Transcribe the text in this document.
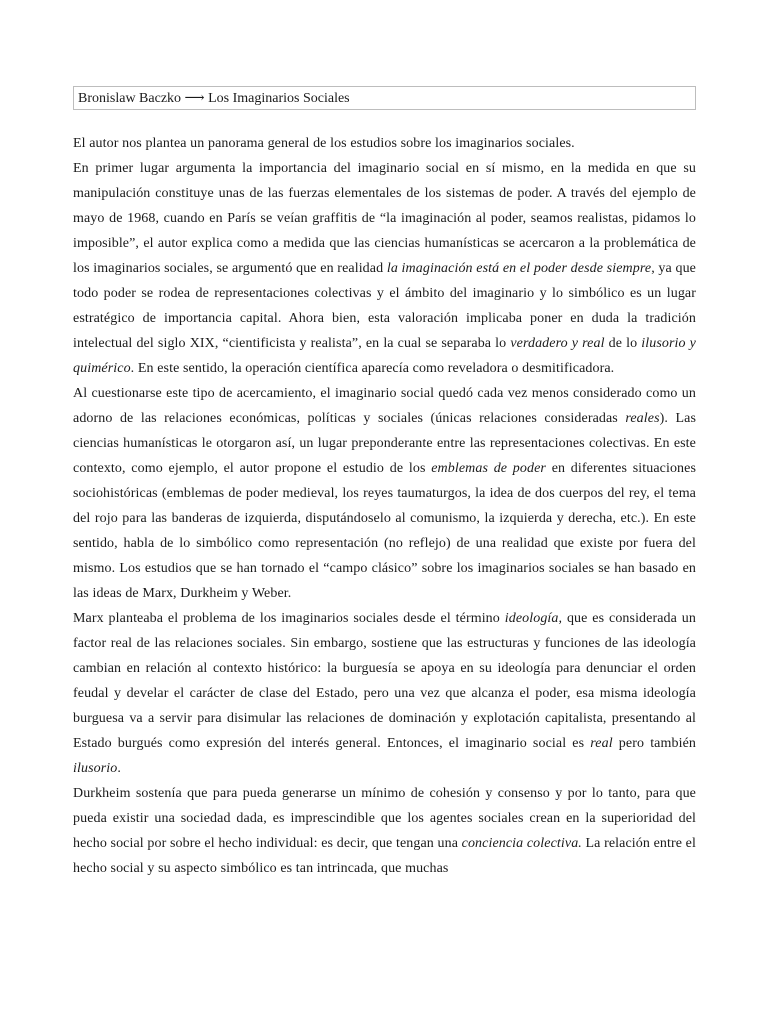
Bronislaw Baczko ⟶ Los Imaginarios Sociales

El autor nos plantea un panorama general de los estudios sobre los imaginarios sociales.

En primer lugar argumenta la importancia del imaginario social en sí mismo, en la medida en que su manipulación constituye unas de las fuerzas elementales de los sistemas de poder. A través del ejemplo de mayo de 1968, cuando en París se veían graffitis de “la imaginación al poder, seamos realistas, pidamos lo imposible”, el autor explica como a medida que las ciencias humanísticas se acercaron a la problemática de los imaginarios sociales, se argumentó que en realidad la imaginación está en el poder desde siempre, ya que todo poder se rodea de representaciones colectivas y el ámbito del imaginario y lo simbólico es un lugar estratégico de importancia capital. Ahora bien, esta valoración implicaba poner en duda la tradición intelectual del siglo XIX, “cientificista y realista”, en la cual se separaba lo verdadero y real de lo ilusorio y quimérico. En este sentido, la operación científica aparecía como reveladora o desmitificadora.

Al cuestionarse este tipo de acercamiento, el imaginario social quedó cada vez menos considerado como un adorno de las relaciones económicas, políticas y sociales (únicas relaciones consideradas reales). Las ciencias humanísticas le otorgaron así, un lugar preponderante entre las representaciones colectivas. En este contexto, como ejemplo, el autor propone el estudio de los emblemas de poder en diferentes situaciones sociohistóricas (emblemas de poder medieval, los reyes taumaturgos, la idea de dos cuerpos del rey, el tema del rojo para las banderas de izquierda, disputándoselo al comunismo, la izquierda y derecha, etc.). En este sentido, habla de lo simbólico como representación (no reflejo) de una realidad que existe por fuera del mismo. Los estudios que se han tornado el “campo clásico” sobre los imaginarios sociales se han basado en las ideas de Marx, Durkheim y Weber.

Marx planteaba el problema de los imaginarios sociales desde el término ideología, que es considerada un factor real de las relaciones sociales. Sin embargo, sostiene que las estructuras y funciones de las ideología cambian en relación al contexto histórico: la burguesía se apoya en su ideología para denunciar el orden feudal y develar el carácter de clase del Estado, pero una vez que alcanza el poder, esa misma ideología burguesa va a servir para disimular las relaciones de dominación y explotación capitalista, presentando al Estado burgués como expresión del interés general. Entonces, el imaginario social es real pero también ilusorio.

Durkheim sostenía que para pueda generarse un mínimo de cohesión y consenso y por lo tanto, para que pueda existir una sociedad dada, es imprescindible que los agentes sociales crean en la superioridad del hecho social por sobre el hecho individual: es decir, que tengan una conciencia colectiva. La relación entre el hecho social y su aspecto simbólico es tan intrincada, que muchas
